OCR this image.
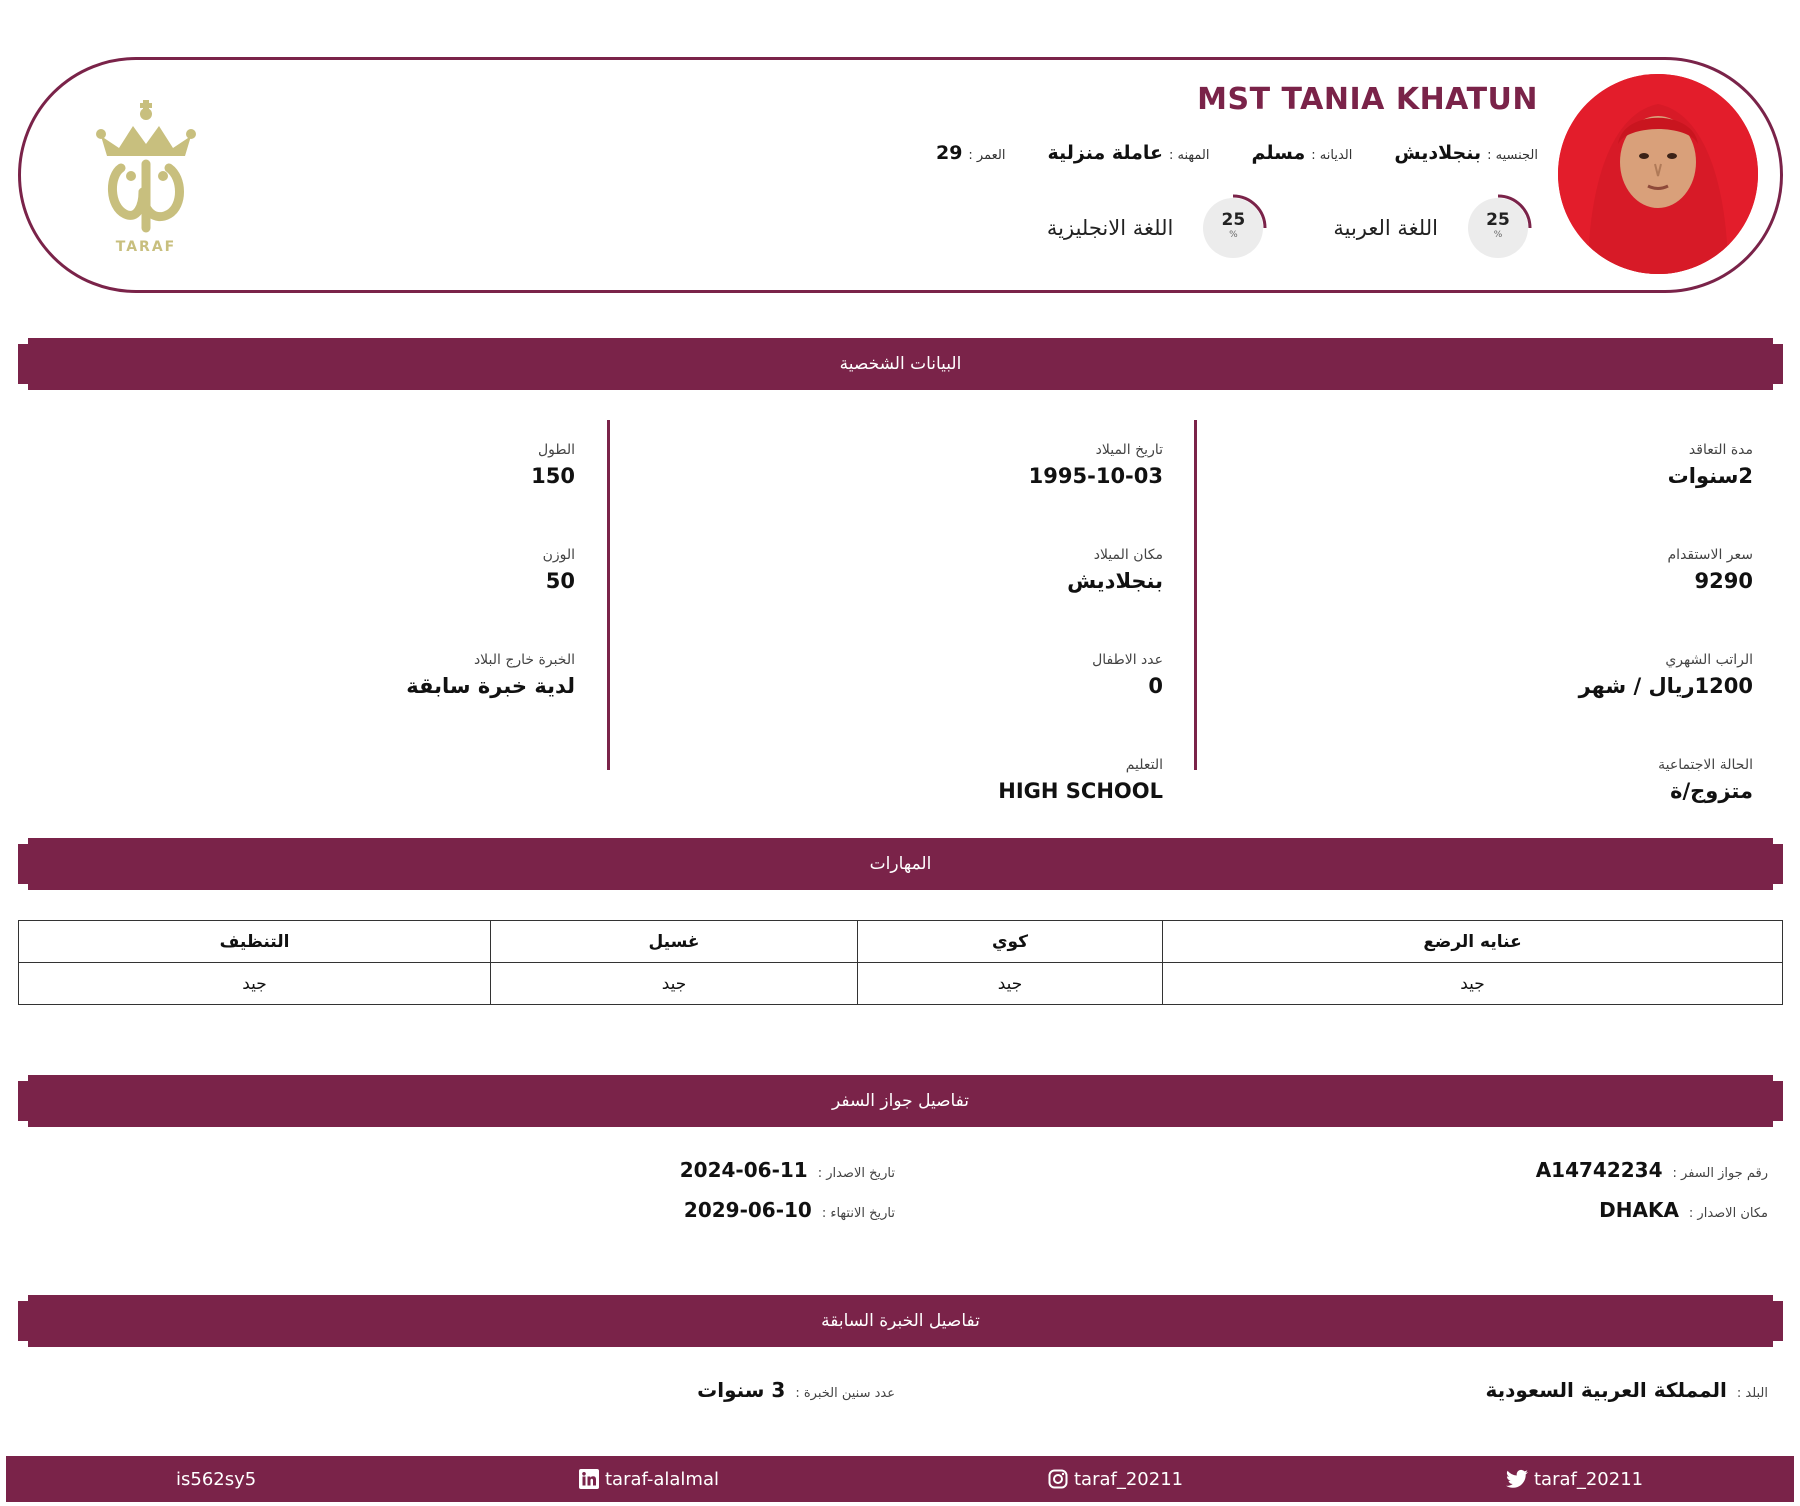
MST TANIA KHATUN
الجنسيه :
بنجلاديش
الديانه :
مسلم
المهنه :
عاملة منزلية
العمر :
29
25
%
اللغة العربية
25
%
اللغة الانجليزية
TARAF
البيانات الشخصية
مدة التعاقد
2سنوات
سعر الاستقدام
9290
الراتب الشهري
1200ريال / شهر
الحالة الاجتماعية
متزوج/ة
تاريخ الميلاد
1995-10-03
مكان الميلاد
بنجلاديش
عدد الاطفال
0
التعليم
HIGH SCHOOL
الطول
150
الوزن
50
الخبرة خارج البلاد
لدية خبرة سابقة
المهارات
عنايه الرضع	كوي	غسيل	التنظيف
جيد	جيد	جيد	جيد
تفاصيل جواز السفر
رقم جواز السفر :
A14742234
مكان الاصدار :
DHAKA
تاريخ الاصدار :
2024-06-11
تاريخ الانتهاء :
2029-06-10
تفاصيل الخبرة السابقة
البلد :
المملكة العربية السعودية
عدد سنين الخبرة :
3 سنوات
taraf_20211
taraf_20211
taraf-alalmal
is562sy5
